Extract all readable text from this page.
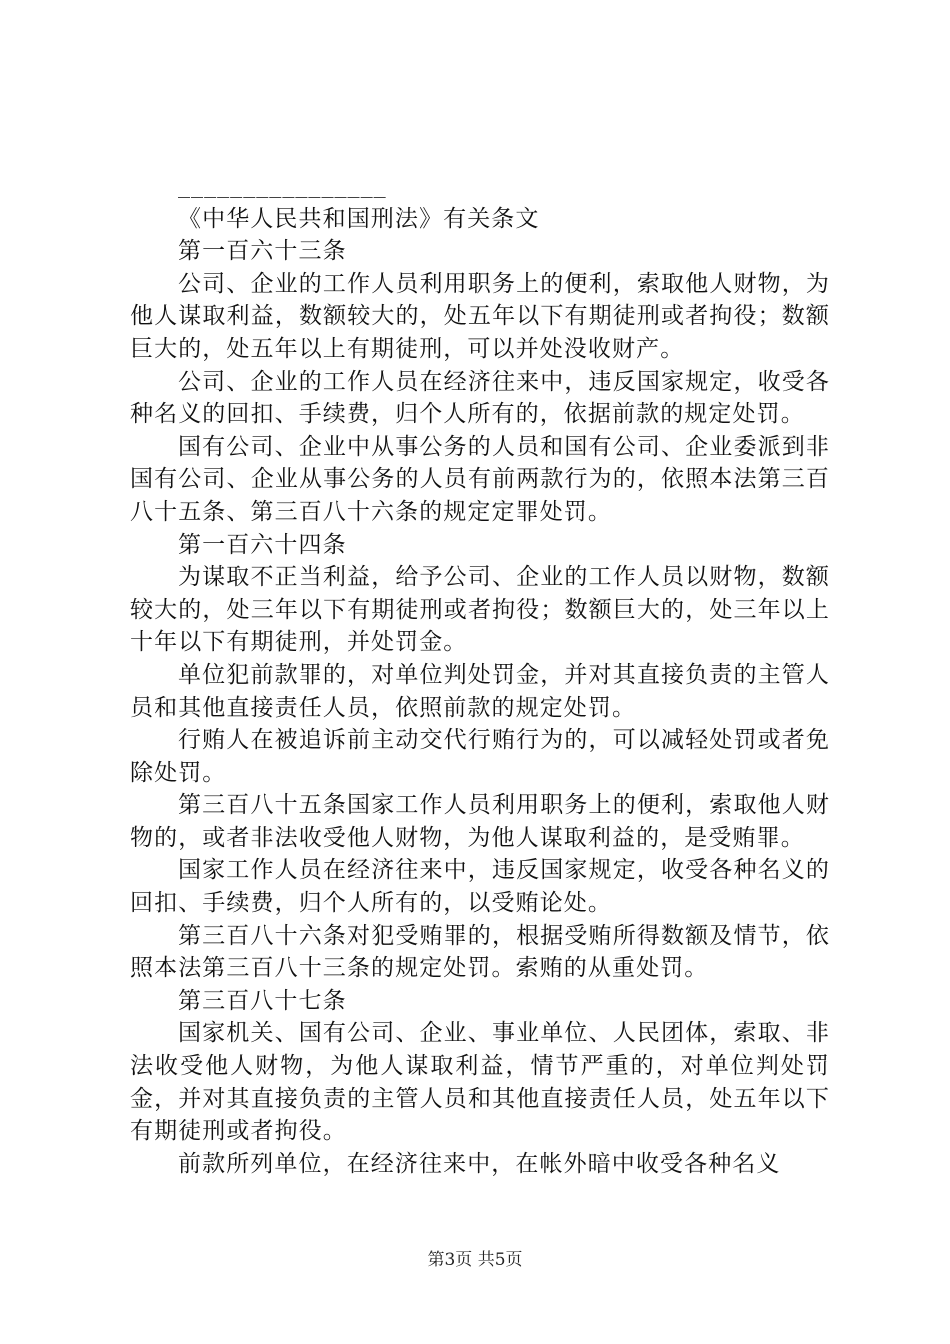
________________

《中华人民共和国刑法》有关条文

第一百六十三条

公司、企业的工作人员利用职务上的便利，索取他人财物，为他人谋取利益，数额较大的，处五年以下有期徒刑或者拘役；数额巨大的，处五年以上有期徒刑，可以并处没收财产。

公司、企业的工作人员在经济往来中，违反国家规定，收受各种名义的回扣、手续费，归个人所有的，依据前款的规定处罚。

国有公司、企业中从事公务的人员和国有公司、企业委派到非国有公司、企业从事公务的人员有前两款行为的，依照本法第三百八十五条、第三百八十六条的规定定罪处罚。

第一百六十四条

为谋取不正当利益，给予公司、企业的工作人员以财物，数额较大的，处三年以下有期徒刑或者拘役；数额巨大的，处三年以上十年以下有期徒刑，并处罚金。

单位犯前款罪的，对单位判处罚金，并对其直接负责的主管人员和其他直接责任人员，依照前款的规定处罚。

行贿人在被追诉前主动交代行贿行为的，可以减轻处罚或者免除处罚。

第三百八十五条国家工作人员利用职务上的便利，索取他人财物的，或者非法收受他人财物，为他人谋取利益的，是受贿罪。

国家工作人员在经济往来中，违反国家规定，收受各种名义的回扣、手续费，归个人所有的，以受贿论处。

第三百八十六条对犯受贿罪的，根据受贿所得数额及情节，依照本法第三百八十三条的规定处罚。索贿的从重处罚。

第三百八十七条

国家机关、国有公司、企业、事业单位、人民团体，索取、非法收受他人财物，为他人谋取利益，情节严重的，对单位判处罚金，并对其直接负责的主管人员和其他直接责任人员，处五年以下有期徒刑或者拘役。

前款所列单位，在经济往来中，在帐外暗中收受各种名义

第3页 共5页
